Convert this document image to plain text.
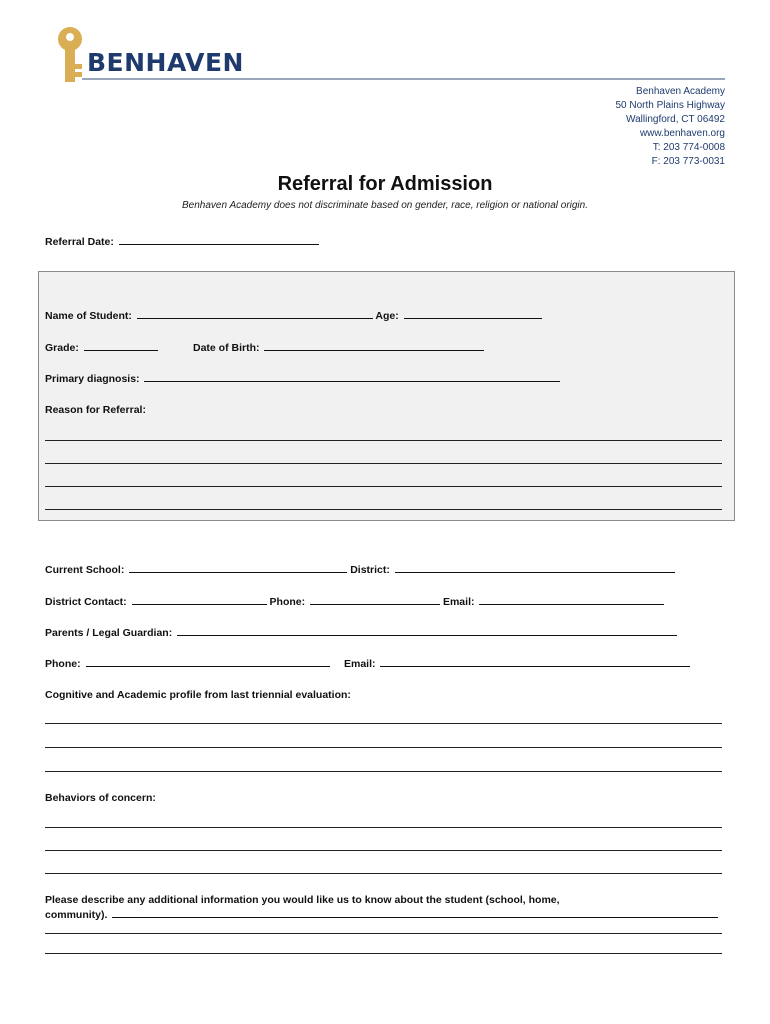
BENHAVEN
Benhaven Academy
50 North Plains Highway
Wallingford, CT 06492
www.benhaven.org
T: 203 774-0008
F: 203 773-0031
Referral for Admission
Benhaven Academy does not discriminate based on gender, race, religion or national origin.
Referral Date:
Name of Student:	Age:
Grade:	Date of Birth:
Primary diagnosis:
Reason for Referral:
Current School:	District:
District Contact:	Phone:	Email:
Parents / Legal Guardian:
Phone:	Email:
Cognitive and Academic profile from last triennial evaluation:
Behaviors of concern:
Please describe any additional information you would like us to know about the student (school, home,
community).
